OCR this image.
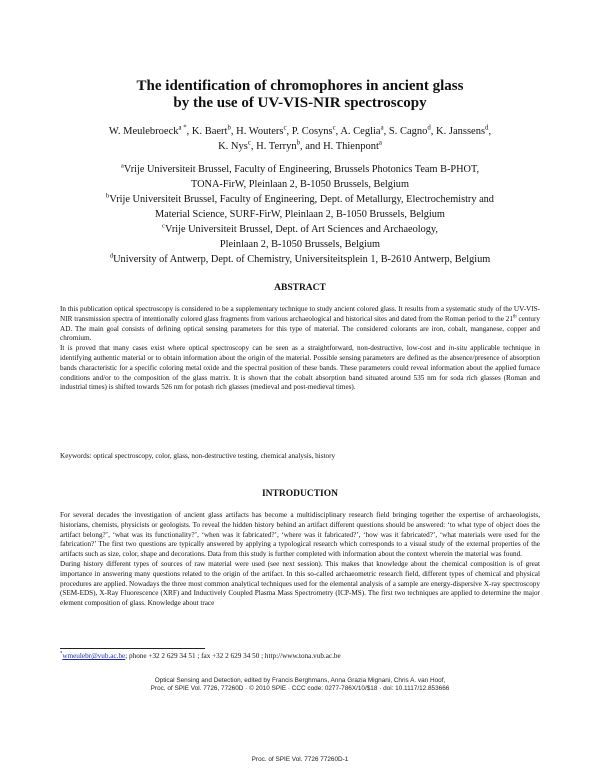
The identification of chromophores in ancient glass
by the use of UV-VIS-NIR spectroscopy
W. Meulebroeck$^{a *}$, K. Baert$^b$, H. Wouters$^c$, P. Cosyns$^c$, A. Ceglia$^a$, S. Cagno$^d$, K. Janssens$^d$,
K. Nys$^c$, H. Terryn$^b$, and H. Thienpont$^a$
$^a$Vrije Universiteit Brussel, Faculty of Engineering, Brussels Photonics Team B-PHOT,
TONA-FirW, Pleinlaan 2, B-1050 Brussels, Belgium
$^b$Vrije Universiteit Brussel, Faculty of Engineering, Dept. of Metallurgy, Electrochemistry and
Material Science, SURF-FirW, Pleinlaan 2, B-1050 Brussels, Belgium
$^c$Vrije Universiteit Brussel, Dept. of Art Sciences and Archaeology,
Pleinlaan 2, B-1050 Brussels, Belgium
$^d$University of Antwerp, Dept. of Chemistry, Universiteitsplein 1, B-2610 Antwerp, Belgium
ABSTRACT

In this publication optical spectroscopy is considered to be a supplementary technique to study ancient colored glass. It results from a systematic study of the UV-VIS-NIR transmission spectra of intentionally colored glass fragments from various archaeological and historical sites and dated from the Roman period to the 21th century AD. The main goal consists of defining optical sensing parameters for this type of material. The considered colorants are iron, cobalt, manganese, copper and chromium.

It is proved that many cases exist where optical spectroscopy can be seen as a straightforward, non-destructive, low-cost and in-situ applicable technique in identifying authentic material or to obtain information about the origin of the material. Possible sensing parameters are defined as the absence/presence of absorption bands characteristic for a specific coloring metal oxide and the spectral position of these bands. These parameters could reveal information about the applied furnace conditions and/or to the composition of the glass matrix. It is shown that the cobalt absorption band situated around 535 nm for soda rich glasses (Roman and industrial times) is shifted towards 526 nm for potash rich glasses (medieval and post-medieval times).

Keywords: optical spectroscopy, color, glass, non-destructive testing, chemical analysis, history
INTRODUCTION

For several decades the investigation of ancient glass artifacts has become a multidisciplinary research field bringing together the expertise of archaeologists, historians, chemists, physicists or geologists. To reveal the hidden history behind an artifact different questions should be answered: ‘to what type of object does the artifact belong?’, ‘what was its functionality?’, ‘when was it fabricated?’, ‘where was it fabricated?’, ‘how was it fabricated?’, ‘what materials were used for the fabrication?’ The first two questions are typically answered by applying a typological research which corresponds to a visual study of the external properties of the artifacts such as size, color, shape and decorations. Data from this study is further completed with information about the context wherein the material was found.

During history different types of sources of raw material were used (see next session). This makes that knowledge about the chemical composition is of great importance in answering many questions related to the origin of the artifact. In this so-called archaeometric research field, different types of chemical and physical procedures are applied. Nowadays the three most common analytical techniques used for the elemental analysis of a sample are energy-dispersive X-ray spectroscopy (SEM-EDS), X-Ray Fluorescence (XRF) and Inductively Coupled Plasma Mass Spectrometry (ICP-MS). The first two techniques are applied to determine the major element composition of glass. Knowledge about trace

*wmeulebr@vub.ac.be; phone +32 2 629 34 51 ; fax +32 2 629 34 50 ; http://www.tona.vub.ac.be
Optical Sensing and Detection, edited by Francis Berghmans, Anna Grazia Mignani, Chris A. van Hoof,
Proc. of SPIE Vol. 7726, 77260D · © 2010 SPIE · CCC code: 0277-786X/10/$18 · doi: 10.1117/12.853666
Proc. of SPIE Vol. 7726 77260D-1
